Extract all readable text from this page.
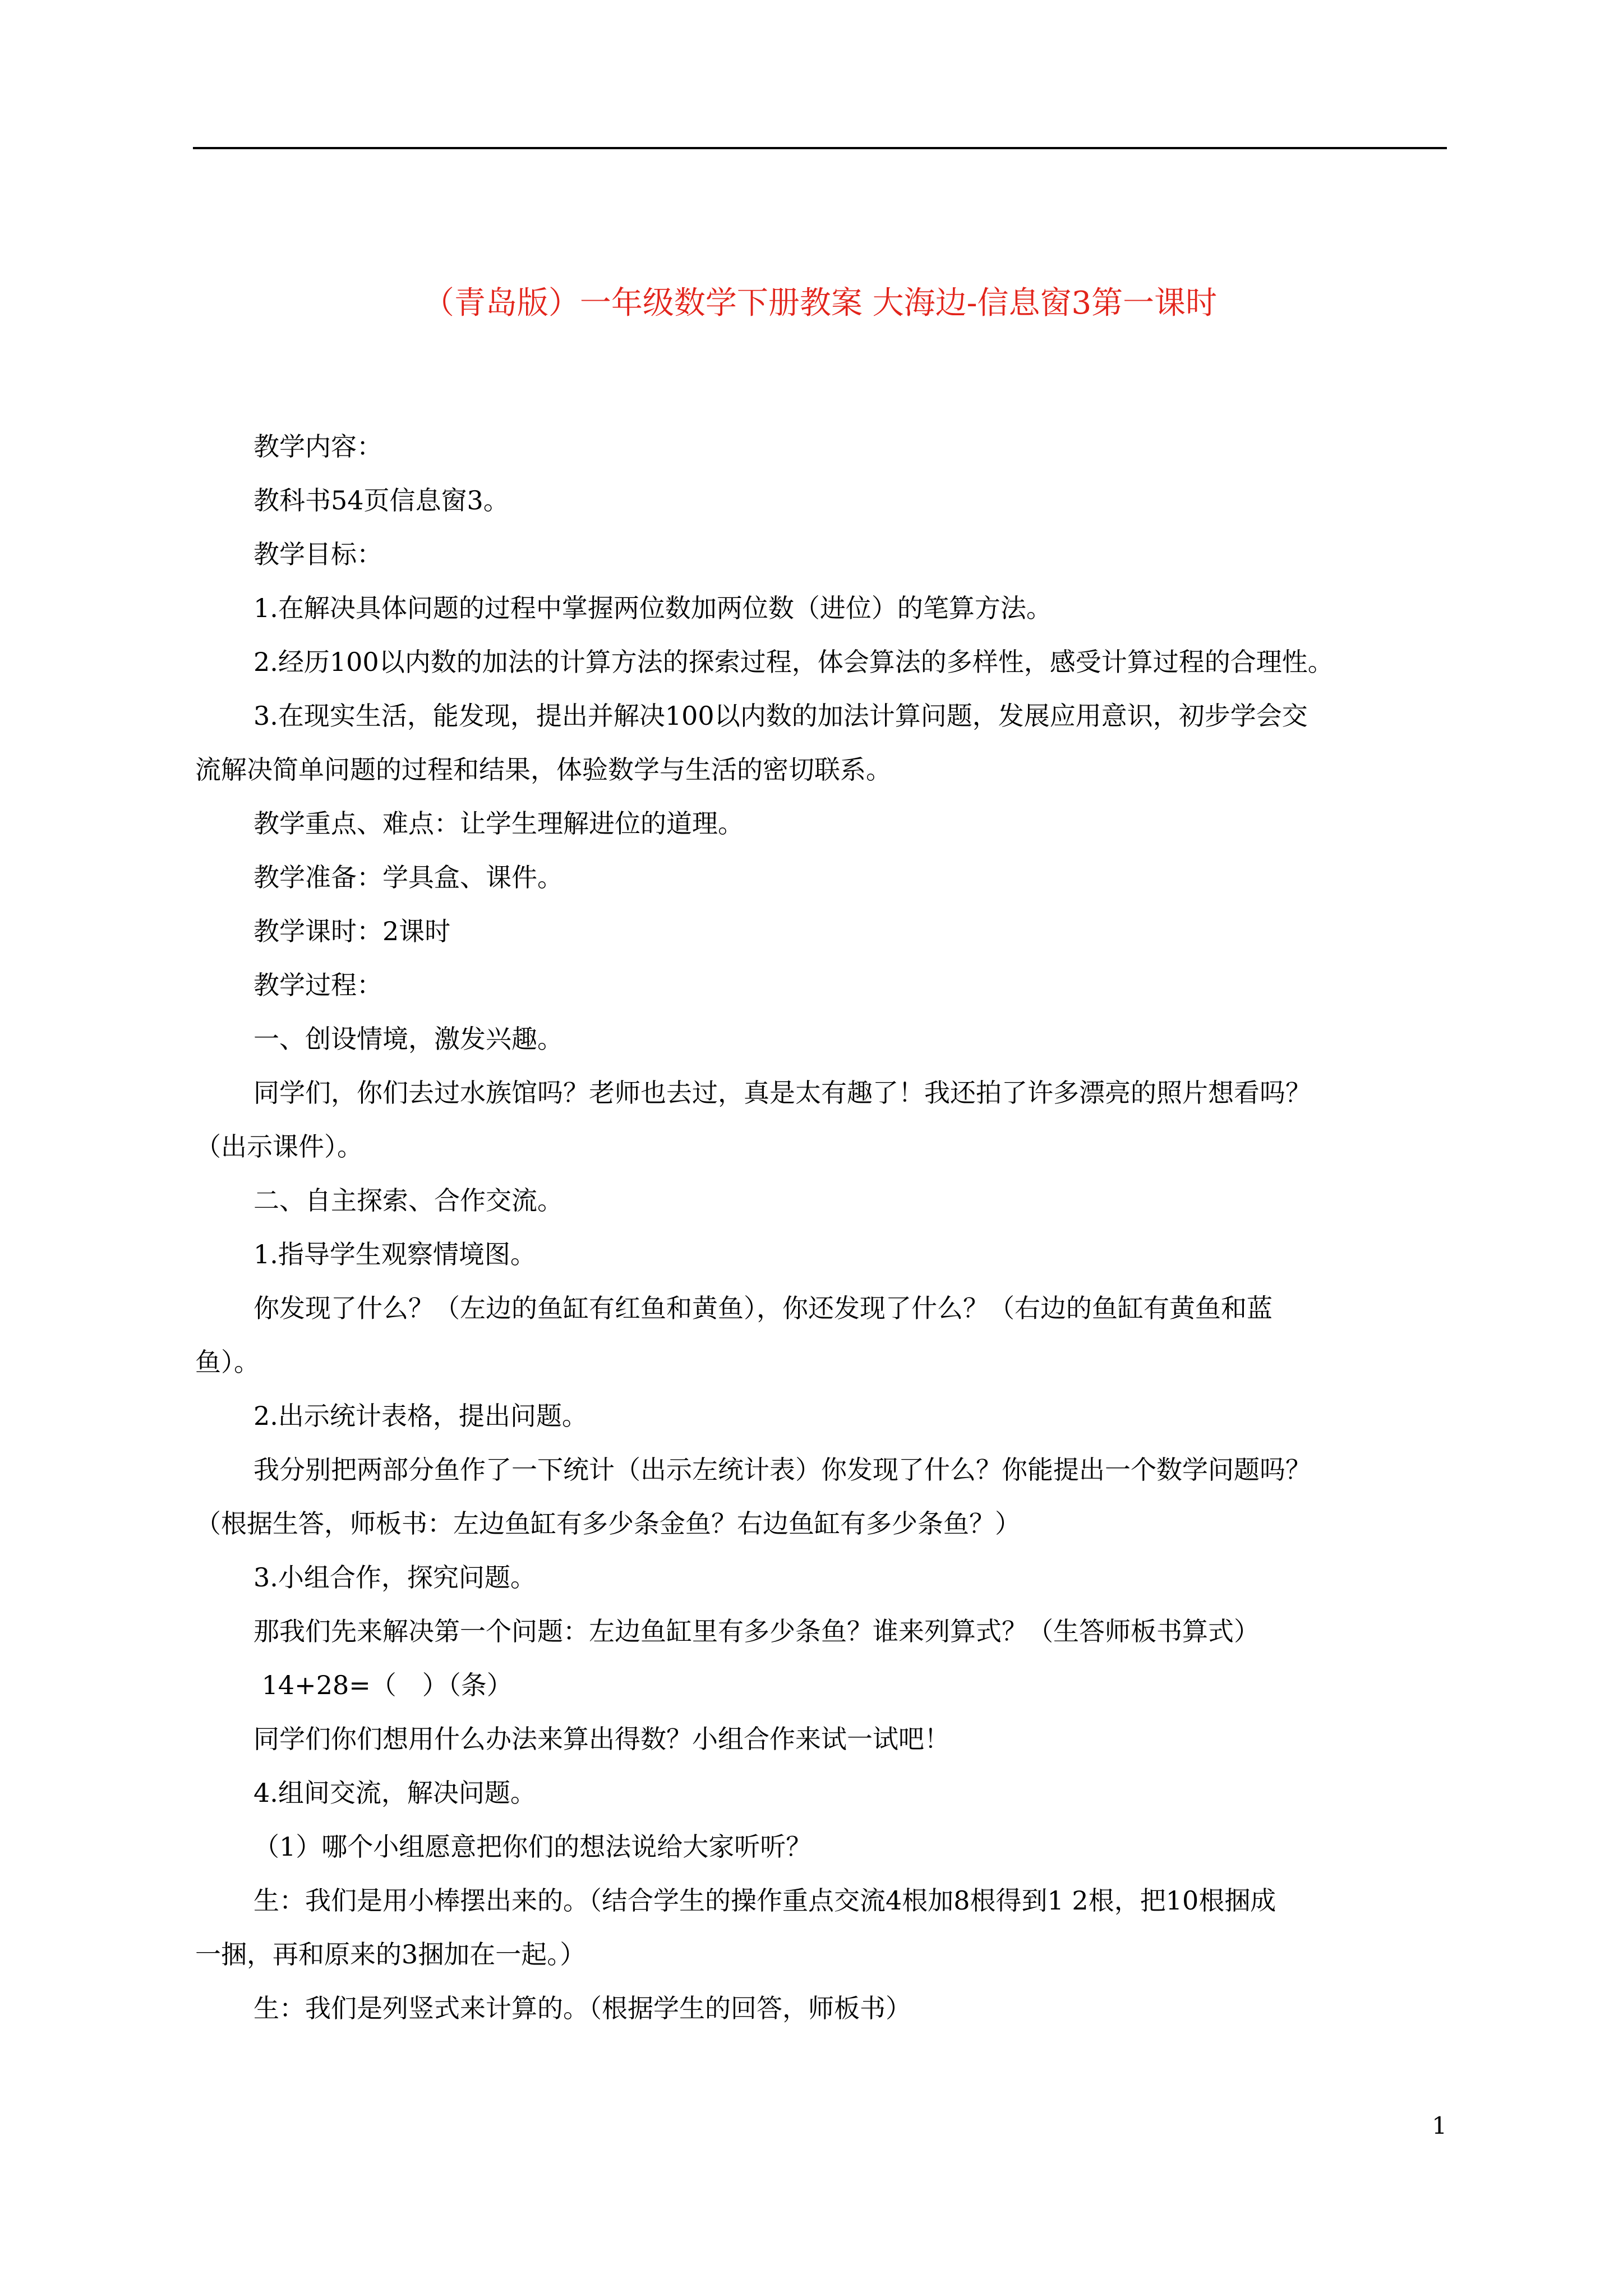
（青岛版）一年级数学下册教案 大海边-信息窗3第一课时

教学内容：

教科书54页信息窗3。

教学目标：

1.在解决具体问题的过程中掌握两位数加两位数（进位）的笔算方法。

2.经历100以内数的加法的计算方法的探索过程，体会算法的多样性，感受计算过程的合理性。

3.在现实生活，能发现，提出并解决100以内数的加法计算问题，发展应用意识，初步学会交

流解决简单问题的过程和结果，体验数学与生活的密切联系。

教学重点、难点：让学生理解进位的道理。

教学准备：学具盒、课件。

教学课时：2课时

教学过程：

一、创设情境，激发兴趣。

同学们，你们去过水族馆吗？老师也去过，真是太有趣了！我还拍了许多漂亮的照片想看吗？

（出示课件）。

二、自主探索、合作交流。

1.指导学生观察情境图。

你发现了什么？（左边的鱼缸有红鱼和黄鱼），你还发现了什么？（右边的鱼缸有黄鱼和蓝

鱼）。

2.出示统计表格，提出问题。

我分别把两部分鱼作了一下统计（出示左统计表）你发现了什么？你能提出一个数学问题吗？

（根据生答，师板书：左边鱼缸有多少条金鱼？右边鱼缸有多少条鱼？）

3.小组合作，探究问题。

那我们先来解决第一个问题：左边鱼缸里有多少条鱼？谁来列算式？（生答师板书算式）

14+28=（　）（条）

同学们你们想用什么办法来算出得数？小组合作来试一试吧！

4.组间交流，解决问题。

（1）哪个小组愿意把你们的想法说给大家听听？

生：我们是用小棒摆出来的。（结合学生的操作重点交流4根加8根得到1 2根，把10根捆成

一捆，再和原来的3捆加在一起。）

生：我们是列竖式来计算的。（根据学生的回答，师板书）

1
